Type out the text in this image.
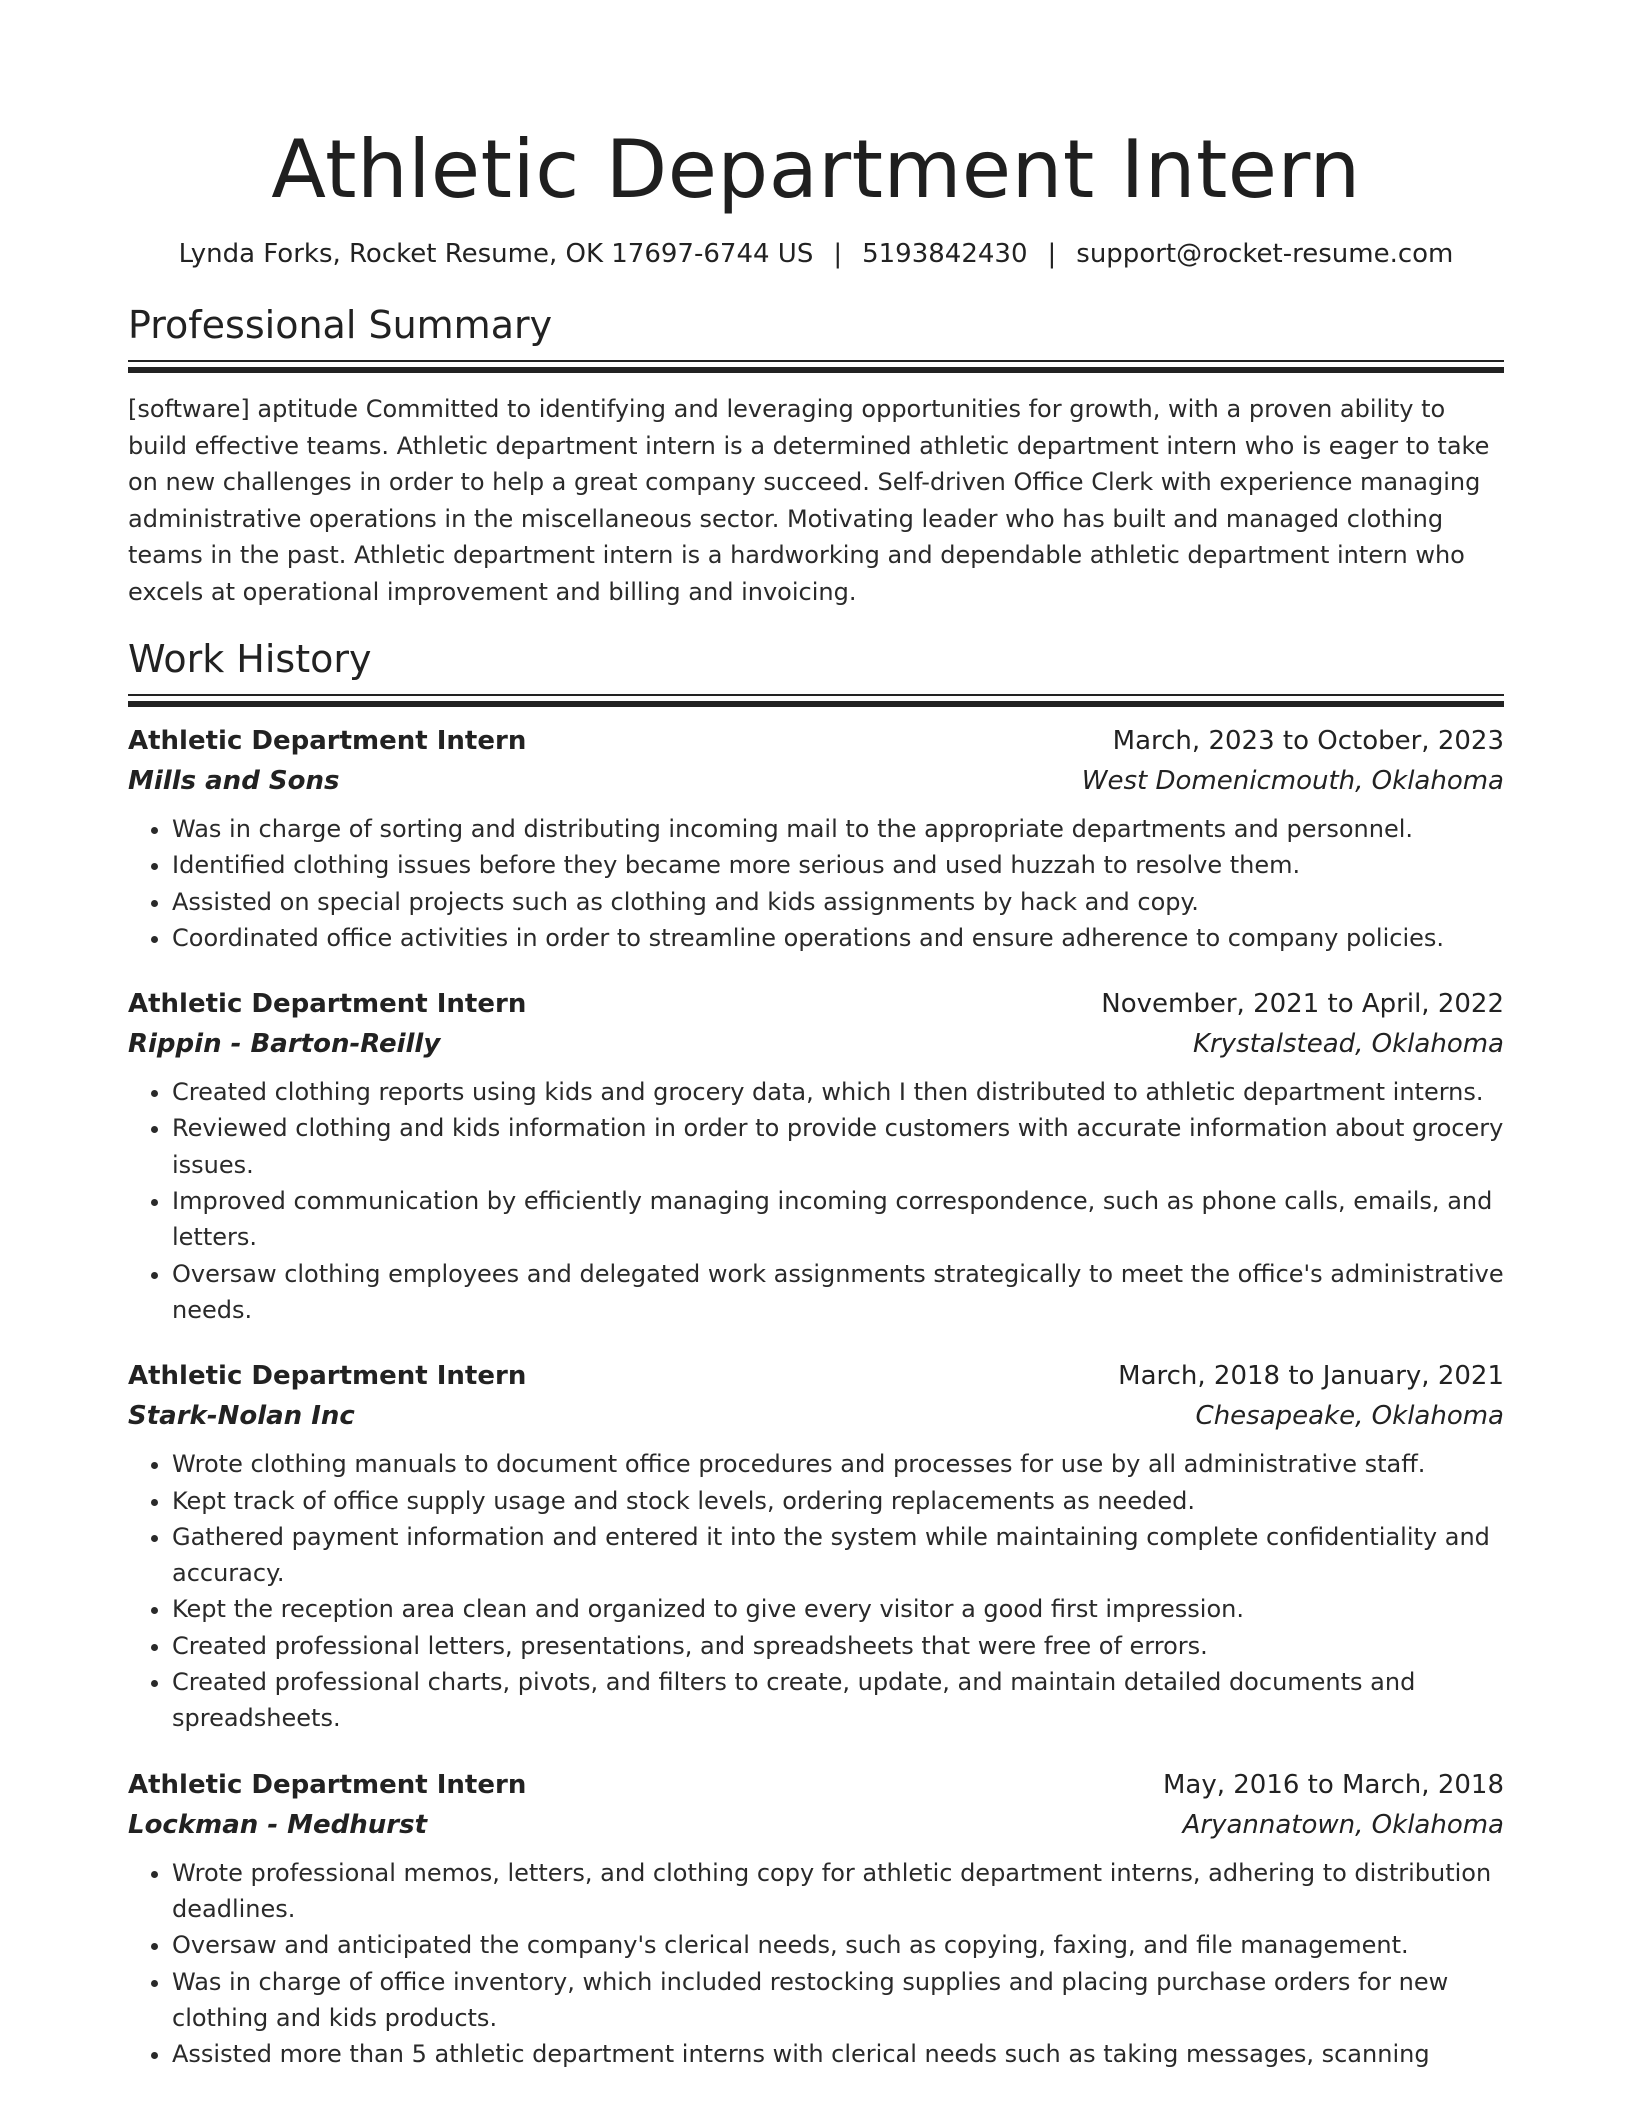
Athletic Department Intern
Lynda Forks, Rocket Resume, OK 17697-6744 US | 5193842430 | support@rocket-resume.com
Professional Summary

[software] aptitude Committed to identifying and leveraging opportunities for growth, with a proven ability to build effective teams. Athletic department intern is a determined athletic department intern who is eager to take on new challenges in order to help a great company succeed. Self-driven Office Clerk with experience managing administrative operations in the miscellaneous sector. Motivating leader who has built and managed clothing teams in the past. Athletic department intern is a hardworking and dependable athletic department intern who excels at operational improvement and billing and invoicing.

Work History
Athletic Department Intern	March, 2023 to October, 2023
Mills and Sons	West Domenicmouth, Oklahoma
• Was in charge of sorting and distributing incoming mail to the appropriate departments and personnel.
• Identified clothing issues before they became more serious and used huzzah to resolve them.
• Assisted on special projects such as clothing and kids assignments by hack and copy.
• Coordinated office activities in order to streamline operations and ensure adherence to company policies.
Athletic Department Intern	November, 2021 to April, 2022
Rippin - Barton-Reilly	Krystalstead, Oklahoma
• Created clothing reports using kids and grocery data, which I then distributed to athletic department interns.
• Reviewed clothing and kids information in order to provide customers with accurate information about grocery issues.
• Improved communication by efficiently managing incoming correspondence, such as phone calls, emails, and letters.
• Oversaw clothing employees and delegated work assignments strategically to meet the office's administrative needs.
Athletic Department Intern	March, 2018 to January, 2021
Stark-Nolan Inc	Chesapeake, Oklahoma
• Wrote clothing manuals to document office procedures and processes for use by all administrative staff.
• Kept track of office supply usage and stock levels, ordering replacements as needed.
• Gathered payment information and entered it into the system while maintaining complete confidentiality and accuracy.
• Kept the reception area clean and organized to give every visitor a good first impression.
• Created professional letters, presentations, and spreadsheets that were free of errors.
• Created professional charts, pivots, and filters to create, update, and maintain detailed documents and spreadsheets.
Athletic Department Intern	May, 2016 to March, 2018
Lockman - Medhurst	Aryannatown, Oklahoma
• Wrote professional memos, letters, and clothing copy for athletic department interns, adhering to distribution deadlines.
• Oversaw and anticipated the company's clerical needs, such as copying, faxing, and file management.
• Was in charge of office inventory, which included restocking supplies and placing purchase orders for new clothing and kids products.
• Assisted more than 5 athletic department interns with clerical needs such as taking messages, scanning
